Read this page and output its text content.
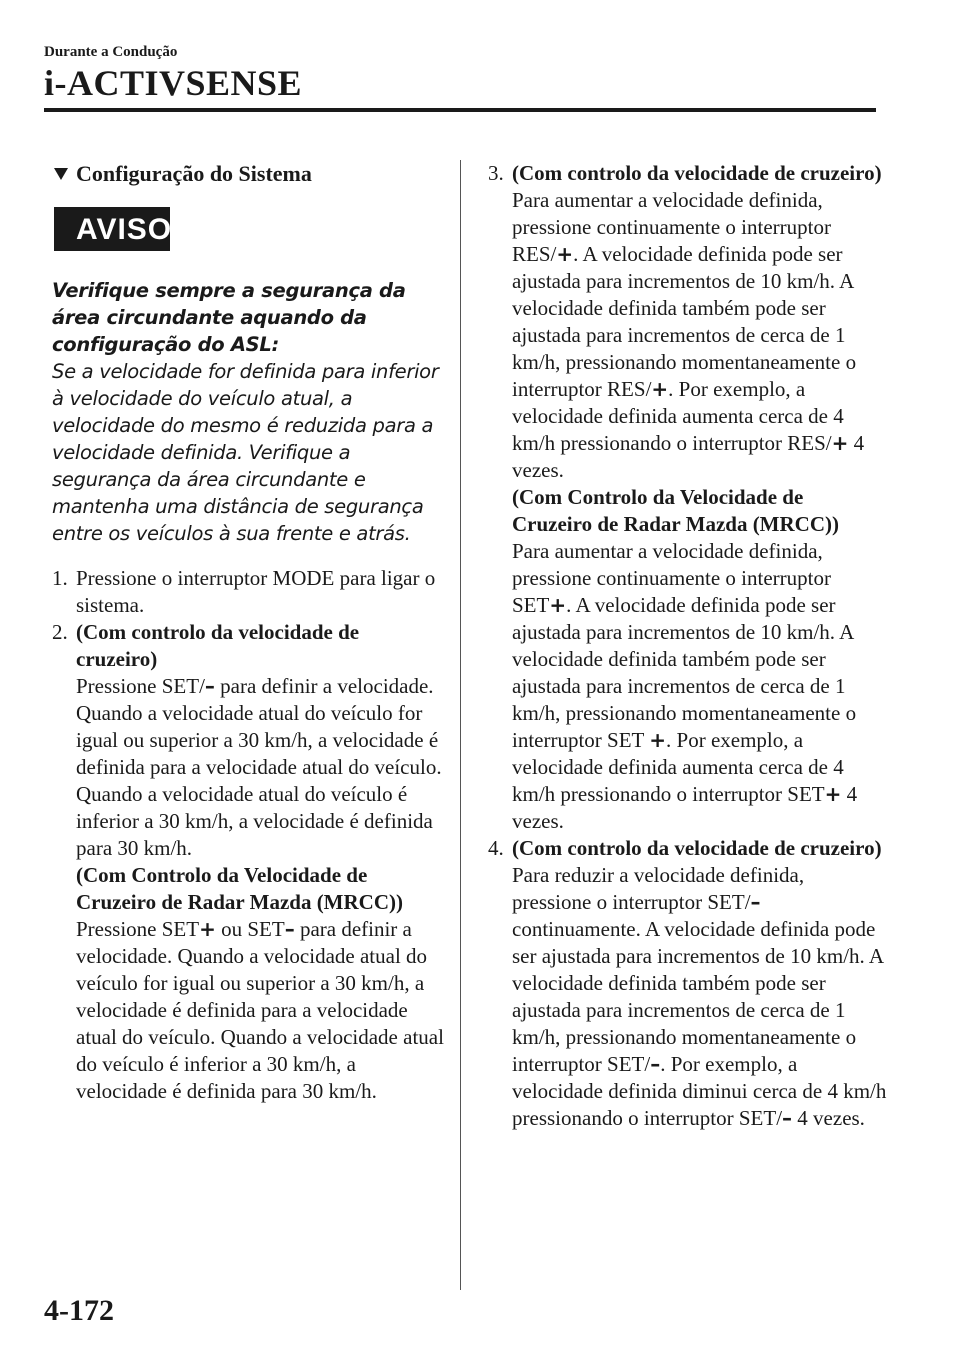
Durante a Condução
i-ACTIVSENSE
Configuração do Sistema
AVISO
Verifique sempre a segurança da área circundante aquando da configuração do ASL:
Se a velocidade for definida para inferior à velocidade do veículo atual, a velocidade do mesmo é reduzida para a velocidade definida. Verifique a segurança da área circundante e mantenha uma distância de segurança entre os veículos à sua frente e atrás.
1. Pressione o interruptor MODE para ligar o sistema.
2. (Com controlo da velocidade de cruzeiro)
Pressione SET/– para definir a velocidade. Quando a velocidade atual do veículo for igual ou superior a 30 km/h, a velocidade é definida para a velocidade atual do veículo. Quando a velocidade atual do veículo é inferior a 30 km/h, a velocidade é definida para 30 km/h.
(Com Controlo da Velocidade de Cruzeiro de Radar Mazda (MRCC))
Pressione SET+ ou SET– para definir a velocidade. Quando a velocidade atual do veículo for igual ou superior a 30 km/h, a velocidade é definida para a velocidade atual do veículo. Quando a velocidade atual do veículo é inferior a 30 km/h, a velocidade é definida para 30 km/h.
3. (Com controlo da velocidade de cruzeiro)
Para aumentar a velocidade definida, pressione continuamente o interruptor RES/+. A velocidade definida pode ser ajustada para incrementos de 10 km/h. A velocidade definida também pode ser ajustada para incrementos de cerca de 1 km/h, pressionando momentaneamente o interruptor RES/+. Por exemplo, a velocidade definida aumenta cerca de 4 km/h pressionando o interruptor RES/+ 4 vezes.
(Com Controlo da Velocidade de Cruzeiro de Radar Mazda (MRCC))
Para aumentar a velocidade definida, pressione continuamente o interruptor SET+. A velocidade definida pode ser ajustada para incrementos de 10 km/h. A velocidade definida também pode ser ajustada para incrementos de cerca de 1 km/h, pressionando momentaneamente o interruptor SET +. Por exemplo, a velocidade definida aumenta cerca de 4 km/h pressionando o interruptor SET+ 4 vezes.
4. (Com controlo da velocidade de cruzeiro)
Para reduzir a velocidade definida, pressione o interruptor SET/– continuamente. A velocidade definida pode ser ajustada para incrementos de 10 km/h. A velocidade definida também pode ser ajustada para incrementos de cerca de 1 km/h, pressionando momentaneamente o interruptor SET/–. Por exemplo, a velocidade definida diminui cerca de 4 km/h pressionando o interruptor SET/– 4 vezes.
4-172
